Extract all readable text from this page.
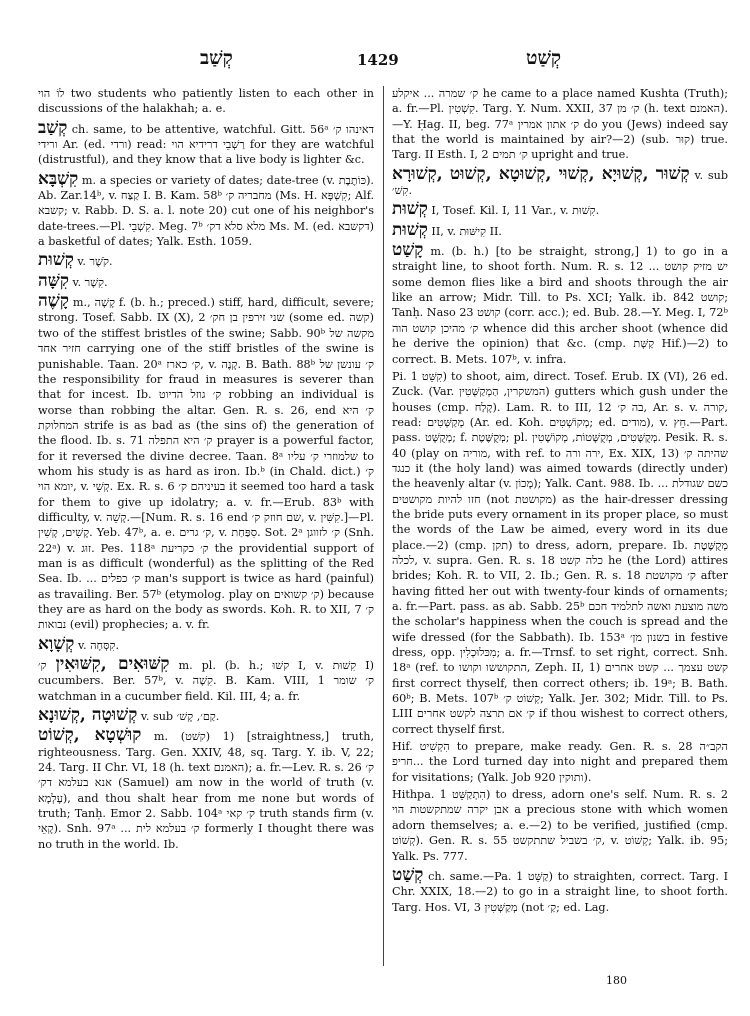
קְשַׁב	1429	קְשַׁט

לוֹ הוי two students who patiently listen to each other in discussions of the halakhah; a. e.

קְשַׁב ch. same, to be attentive, watchful. Gitt. 56ᵃ דאינהו ק׳ ורידי Ar. (ed. ורדי) read: רַשְׁבֵי דרידיא הוי for they are watchful (distrustful), and they know that a live body is lighter &c.

קִשְׁבָּא m. a species or variety of dates; date-tree (v. כּוֹתֶבֶת). Ab. Zar.14ᵇ, v. קַצַּח I. B. Kam. 58ᵇ מחבריה ק׳ (Ms. H. קִשְׁפָּא; Alf. קשבא; v. Rabb. D. S. a. l. note 20) cut one of his neighbor's date-trees.—Pl. קִשְׁבֵי. Meg. 7ᵇ מלא סלא דק׳ Ms. M. (ed. דקשבא) a basketful of dates; Yalk. Esth. 1059.

קְשׁוּת v. קֹשֶׁר.

קִשָּׁה v. קִשָׁר.

קָשֶׁה m., קָשָׁה f. (b. h.; preced.) stiff, hard, difficult, severe; strong. Tosef. Sabb. IX (X), 2 שני זירפין בן חק׳ (some ed. קשה) two of the stiffest bristles of the swine; Sabb. 90ᵇ מקשה של חזיר אחד carrying one of the stiff bristles of the swine is punishable. Taan. 20ᵃ ק׳ כארז, v. קָנֶה. B. Bath. 88ᵇ ק׳ עונשן של the responsibility for fraud in measures is severer than that for incest. Ib. ק׳ גוזל הדיוט robbing an individual is worse than robbing the altar. Gen. R. s. 26, end ק׳ היא המחלוקת strife is as bad as (the sins of) the generation of the flood. Ib. s. 71 ק׳ היא התפלה prayer is a powerful factor, for it reversed the divine decree. Taan. 8ᵃ שלמוזרי ק׳ עליו to whom his study is as hard as iron. Ib.ᵇ (in Chald. dict.) ק׳ יומא הוי, v. קְשֵׁי. Ex. R. s. 6 בעיניהם ק׳ it seemed too hard a task for them to give up idolatry; a. v. fr.—Erub. 83ᵇ with difficulty, v. קָשֵׁה.—[Num. R. s. 16 end שם חוזק ק׳, v. קִשִּׁין.]—Pl. קָשִׁים, קָשִׁין. Yeb. 47ᵇ, a. e. ק׳ גרים, v. סִפַּחַת. Sot. 2ᵃ ק׳ לזווגן (Snh. 22ᵃ) v. זוּג. Pes. 118ᵃ ק׳ כקריעת the providential support of man is as difficult (wonderful) as the splitting of the Red Sea. Ib. ... ק׳ כפלים man's support is twice as hard (painful) as travailing. Ber. 57ᵇ (etymolog. play on ק׳ קשואים) because they are as hard on the body as swords. Koh. R. to XII, 7 ק׳ נבואות (evil) prophecies; a. v. fr.

קְשָׁוָא v. קִסְּחָה.

קִשּׁוּאִים ,קִשּׁוּאִין ק׳ m. pl. (b. h.; קשׁוּ I, v. קִשׁוּת I) cucumbers. Ber. 57ᵇ, v. קִשָׁה. B. Kam. VIII, 1 ק׳ שומר watchman in a cucumber field. Kil. III, 4; a. fr.

קְשׁוּטָה ,קְשׁוּנָא v. sub קַם׳, קָשׁ׳.

קוּשְׁטָא ,קְשׁוֹט m. (קשׁט) 1) [straightness,] truth, righteousness. Targ. Gen. XXIV, 48, sq. Targ. Y. ib. V, 22; 24. Targ. II Chr. VI, 18 (h. text האמנם); a. fr.—Lev. R. s. 26 ק׳ אנא בעלמא דק׳ (Samuel) am now in the world of truth (v. עָלְמָא), and thou shalt hear from me none but words of truth; Tanḥ. Emor 2. Sabb. 104ᵃ ק׳ קאי truth stands firm (v. קָאֵי). Snh. 97ᵃ ... ק׳ בעלמא לית formerly I thought there was no truth in the world. Ib.

ק׳ שמרה ... איקלע he came to a place named Kushta (Truth); a. fr.—Pl. קִשְׁטִין. Targ. Y. Num. XXII, 37 ק׳ מן (h. text האמנם).—Y. Ḥag. II, beg. 77ᵃ ק׳ אתון אמרין do you (Jews) indeed say that the world is maintained by air?—2) (sub. קוּר) true. Targ. II Esth. I, 2 ק׳ תמים upright and true.

קְשׁוּר ,קְשׁוּיָא ,קְשׁוּי ,קְשׁוּטָא ,קְשׁוּט ,קְשׁוּרָא v. sub קִשׁ׳.

קְשׁוּת I, Tosef. Kil. I, 11 Var., v. קִשׁוּת.

קְשׁוּת II, v. קִישּׁוּת II.

קָשַׁט m. (b. h.) [to be straight, strong,] 1) to go in a straight line, to shoot forth. Num. R. s. 12 ... יש מזיק קושט some demon flies like a bird and shoots through the air like an arrow; Midr. Till. to Ps. XCI; Yalk. ib. 842 קושט; Tanḥ. Naso 23 קושט (corr. acc.); ed. Bub. 28.—Y. Meg. I, 72ᵇ ק׳ מהיכן קושט הוה whence did this archer shoot (whence did he derive the opinion) that &c. (cmp. קַשָּׁת Hif.)—2) to correct. B. Mets. 107ᵇ, v. infra.

Pi. קִשֵּׁט 1) to shoot, aim, direct. Tosef. Erub. IX (VI), 26 ed. Zuck. (Var. המשקרין, הַמְקַשְּׁטִין) gutters which gush under the houses (cmp. קָלַח). Lam. R. to III, 12 בה ק׳, Ar. s. v. קורה, read: מְקַשְּׁטִים (Ar. ed. Koh. מְקוֹשְׁטִים; ed. מודים), v. חֵץ.—Part. pass. מְקֻשָּׁט; f. מְקֻשֶּׁטֶת; pl. מְקֻשָּׁטִים, מְקֻשָּׁטוֹת, מְקוֹשָׁטִין. Pesik. R. s. 40 (play on מוריה, with ref. to ירה ורה, Ex. XIX, 13) שהיתה ק׳ כנגד it (the holy land) was aimed towards (directly under) the heavenly altar (v. מָכוֹן); Yalk. Cant. 988. Ib. ... כשם שגודלת חזו להיות מקושטים (not מקושטת) as the hair-dresser dressing the bride puts every ornament in its proper place, so must the words of the Law be aimed, every word in its due place.—2) (cmp. תקן) to dress, adorn, prepare. Ib. מְקֻשֶּׁטֶת לכלה, v. supra. Gen. R. s. 18 כלה קשט he (the Lord) attires brides; Koh. R. to VII, 2. Ib.; Gen. R. s. 18 ק׳ מקושטת after having fitted her out with twenty-four kinds of ornaments; a. fr.—Part. pass. as ab. Sabb. 25ᵇ משה מוצעת ואשה לתלמיד חכם the scholar's happiness when the couch is spread and the wife dressed (for the Sabbath). Ib. 153ᵃ בשנון מן׳ in festive dress, opp. מִכּלוּכְלִין; a. fr.—Trnsf. to set right, correct. Snh. 18ᵃ (ref. to התקוששו וקושו, Zeph. II, 1) קשט עצמך ... קשט אחרים first correct thyself, then correct others; ib. 19ᵃ; B. Bath. 60ᵇ; B. Mets. 107ᵇ קְשׁוֹט ק׳; Yalk. Jer. 302; Midr. Till. to Ps. LIII ק׳ אם תרצה לקשט אחרים if thou wishest to correct others, correct thyself first.

Hif. הִקְשִׁיט to prepare, make ready. Gen. R. s. 28 הקב״ה חריפ... the Lord turned day into night and prepared them for visitations; (Yalk. Job 920 ותוקין).

Hithpa. הִתְקַשֵּׁט 1) to dress, adorn one's self. Num. R. s. 2 אבן יקרה שמתקשטות הוי a precious stone with which women adorn themselves; a. e.—2) to be verified, justified (cmp. קְשׁוֹט). Gen. R. s. 55 ק׳ בשביל שתתקשט, v. קְשׁוֹט; Yalk. ib. 95; Yalk. Ps. 777.

קְשַׁט ch. same.—Pa. קַשֵּׁט 1) to straighten, correct. Targ. I Chr. XXIX, 18.—2) to go in a straight line, to shoot forth. Targ. Hos. VI, 3 מְקַשְּׁטִין (not קַ׳; ed. Lag.

180
